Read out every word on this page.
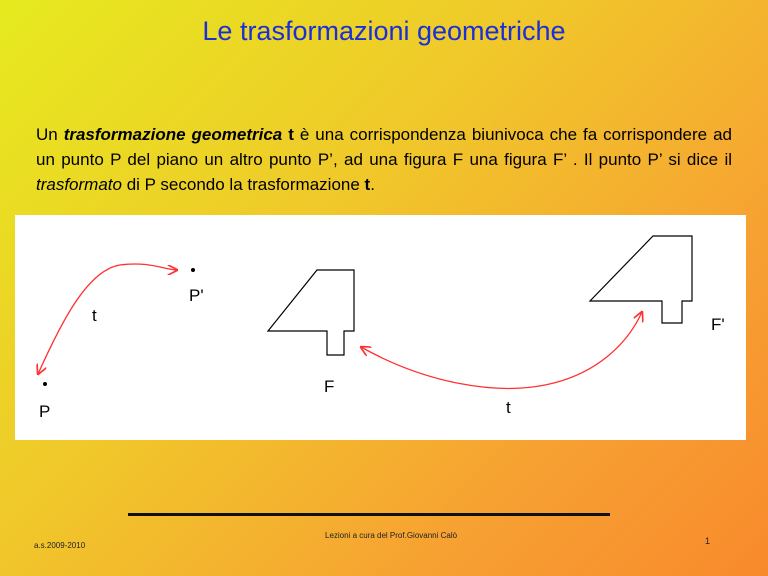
Le trasformazioni geometriche
Un trasformazione geometrica t è una corrispondenza biunivoca che fa corrispondere ad un punto P del piano un altro punto P’, ad una figura F una figura F’ . Il punto P’ si dice il trasformato di P secondo la trasformazione t.
P'
t
P
F
F'
t
Lezioni a cura del Prof.Giovanni Calò
a.s.2009-2010	1
